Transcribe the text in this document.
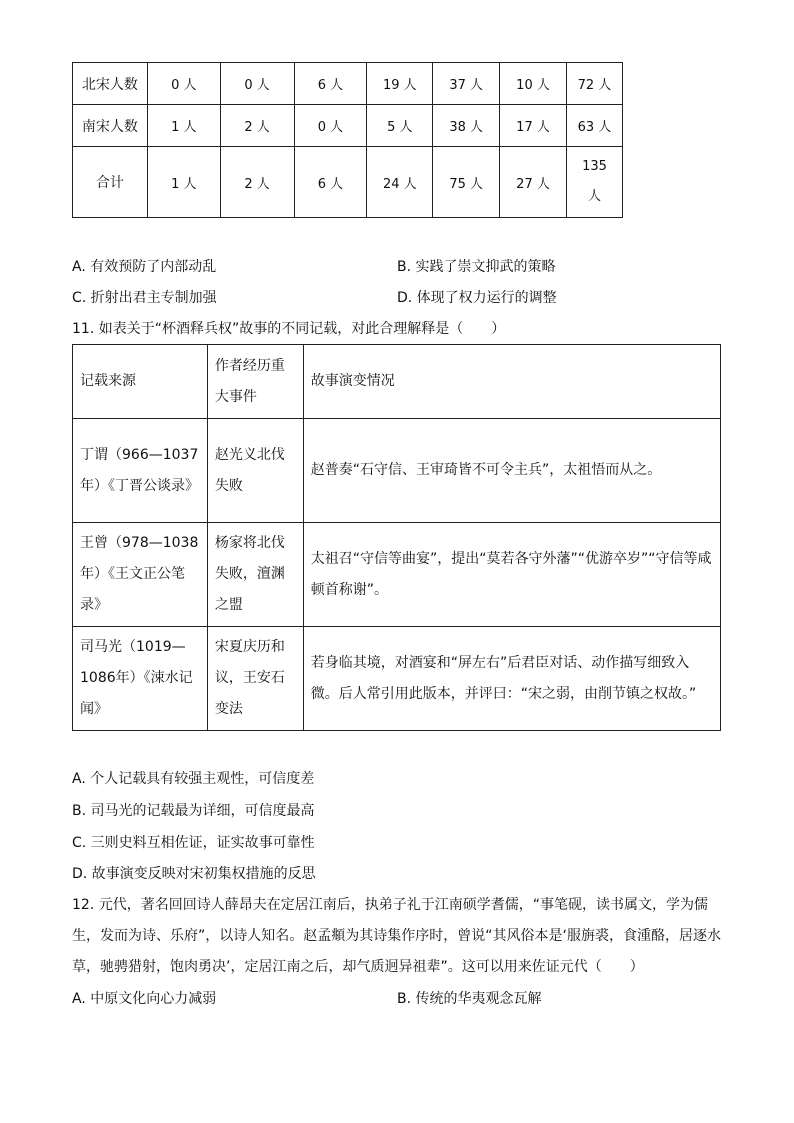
北宋人数	0 人	0 人	6 人	19 人	37 人	10 人	72 人
南宋人数	1 人	2 人	0 人	5 人	38 人	17 人	63 人
合计	1 人	2 人	6 人	24 人	75 人	27 人	135 人
A. 有效预防了内部动乱	B. 实践了崇文抑武的策略
C. 折射出君主专制加强	D. 体现了权力运行的调整
11. 如表关于“杯酒释兵权”故事的不同记载，对此合理解释是（　　）
记载来源	作者经历重大事件	故事演变情况
丁谓（966—1037年）《丁晋公谈录》	赵光义北伐失败	赵普奏“石守信、王审琦皆不可令主兵”，太祖悟而从之。
王曾（978—1038年）《王文正公笔录》	杨家将北伐失败，澶渊之盟	太祖召“守信等曲宴”，提出“莫若各守外藩”“优游卒岁”“守信等咸顿首称谢”。
司马光（1019—1086年）《涑水记闻》	宋夏庆历和议，王安石变法	若身临其境，对酒宴和“屏左右”后君臣对话、动作描写细致入微。后人常引用此版本，并评曰：“宋之弱，由削节镇之权故。”
A. 个人记载具有较强主观性，可信度差
B. 司马光的记载最为详细，可信度最高
C. 三则史料互相佐证，证实故事可靠性
D. 故事演变反映对宋初集权措施的反思
12. 元代，著名回回诗人薛昂夫在定居江南后，执弟子礼于江南硕学耆儒，“事笔砚，读书属文，学为儒生，发而为诗、乐府”，以诗人知名。赵孟頫为其诗集作序时，曾说“其风俗本是‘服旃裘，食湩酪，居逐水草，驰骋猎射，饱肉勇决’，定居江南之后，却气质迥异祖辈”。这可以用来佐证元代（　　）
A. 中原文化向心力减弱	B. 传统的华夷观念瓦解
